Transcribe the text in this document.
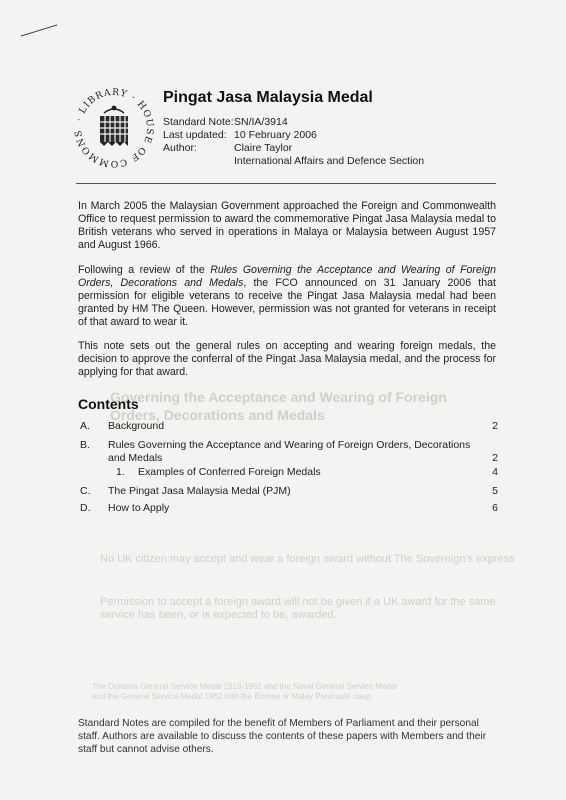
· LIBRARY · HOUSE OF COMMONS
Pingat Jasa Malaysia Medal
Standard Note: SN/IA/3914
Last updated: 10 February 2006
Author:	Claire Taylor
International Affairs and Defence Section

In March 2005 the Malaysian Government approached the Foreign and Commonwealth Office to request permission to award the commemorative Pingat Jasa Malaysia medal to British veterans who served in operations in Malaya or Malaysia between August 1957 and August 1966.

Following a review of the Rules Governing the Acceptance and Wearing of Foreign Orders, Decorations and Medals, the FCO announced on 31 January 2006 that permission for eligible veterans to receive the Pingat Jasa Malaysia medal had been granted by HM The Queen. However, permission was not granted for veterans in receipt of that award to wear it.

This note sets out the general rules on accepting and wearing foreign medals, the decision to approve the conferral of the Pingat Jasa Malaysia medal, and the process for applying for that award.

Governing the Acceptance and Wearing of Foreign
Orders, Decorations and Medals
No UK citizen may accept and wear a foreign award without The Sovereign's express
Permission to accept a foreign award will not be given if a UK award for the same
service has been, or is expected to be, awarded.
The Oceania General Service Medal 1918-1962 and the Naval General Service Medal
and the General Service Medal 1962 with the Borneo or Malay Peninsula clasp
Contents
A. Background	2
B. Rules Governing the Acceptance and Wearing of Foreign Orders, Decorations and Medals	2
1. Examples of Conferred Foreign Medals	4
C. The Pingat Jasa Malaysia Medal (PJM)	5
D. How to Apply	6
Standard Notes are compiled for the benefit of Members of Parliament and their personal staff. Authors are available to discuss the contents of these papers with Members and their staff but cannot advise others.
